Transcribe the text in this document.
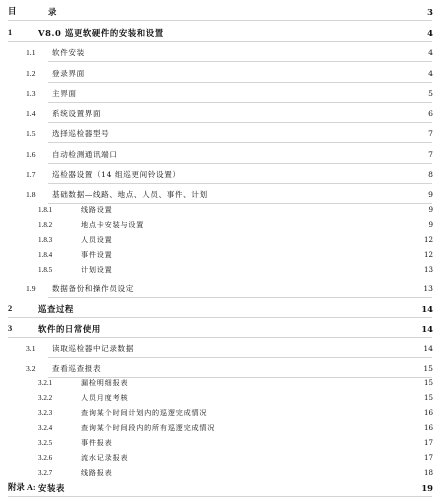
目	录	3
1	V8.0 巡更软硬件的安装和设置	4
1.1 软件安装	4
1.2 登录界面	4
1.3 主界面	5
1.4 系统设置界面	6
1.5 选择巡检器型号	7
1.6 自动检测通讯端口	7
1.7 巡检器设置（14 组巡更间铃设置）	8
1.8 基础数据—线路、地点、人员、事件、计划	9
1.8.1	线路设置	9
1.8.2	地点卡安装与设置	9
1.8.3	人员设置	12
1.8.4	事件设置	12
1.8.5	计划设置	13
1.9 数据备份和操作员设定	13
2	巡查过程	14
3	软件的日常使用	14
3.1 读取巡检器中记录数据	14
3.2 查看巡查报表	15
3.2.1	漏检明细报表	15
3.2.2	人员月度考核	15
3.2.3	查询某个时间计划内的巡逻完成情况	16
3.2.4	查询某个时间段内的所有巡逻完成情况	16
3.2.5	事件报表	17
3.2.6	流水记录报表	17
3.2.7	线路报表	18
附录 A: 安装表	19
